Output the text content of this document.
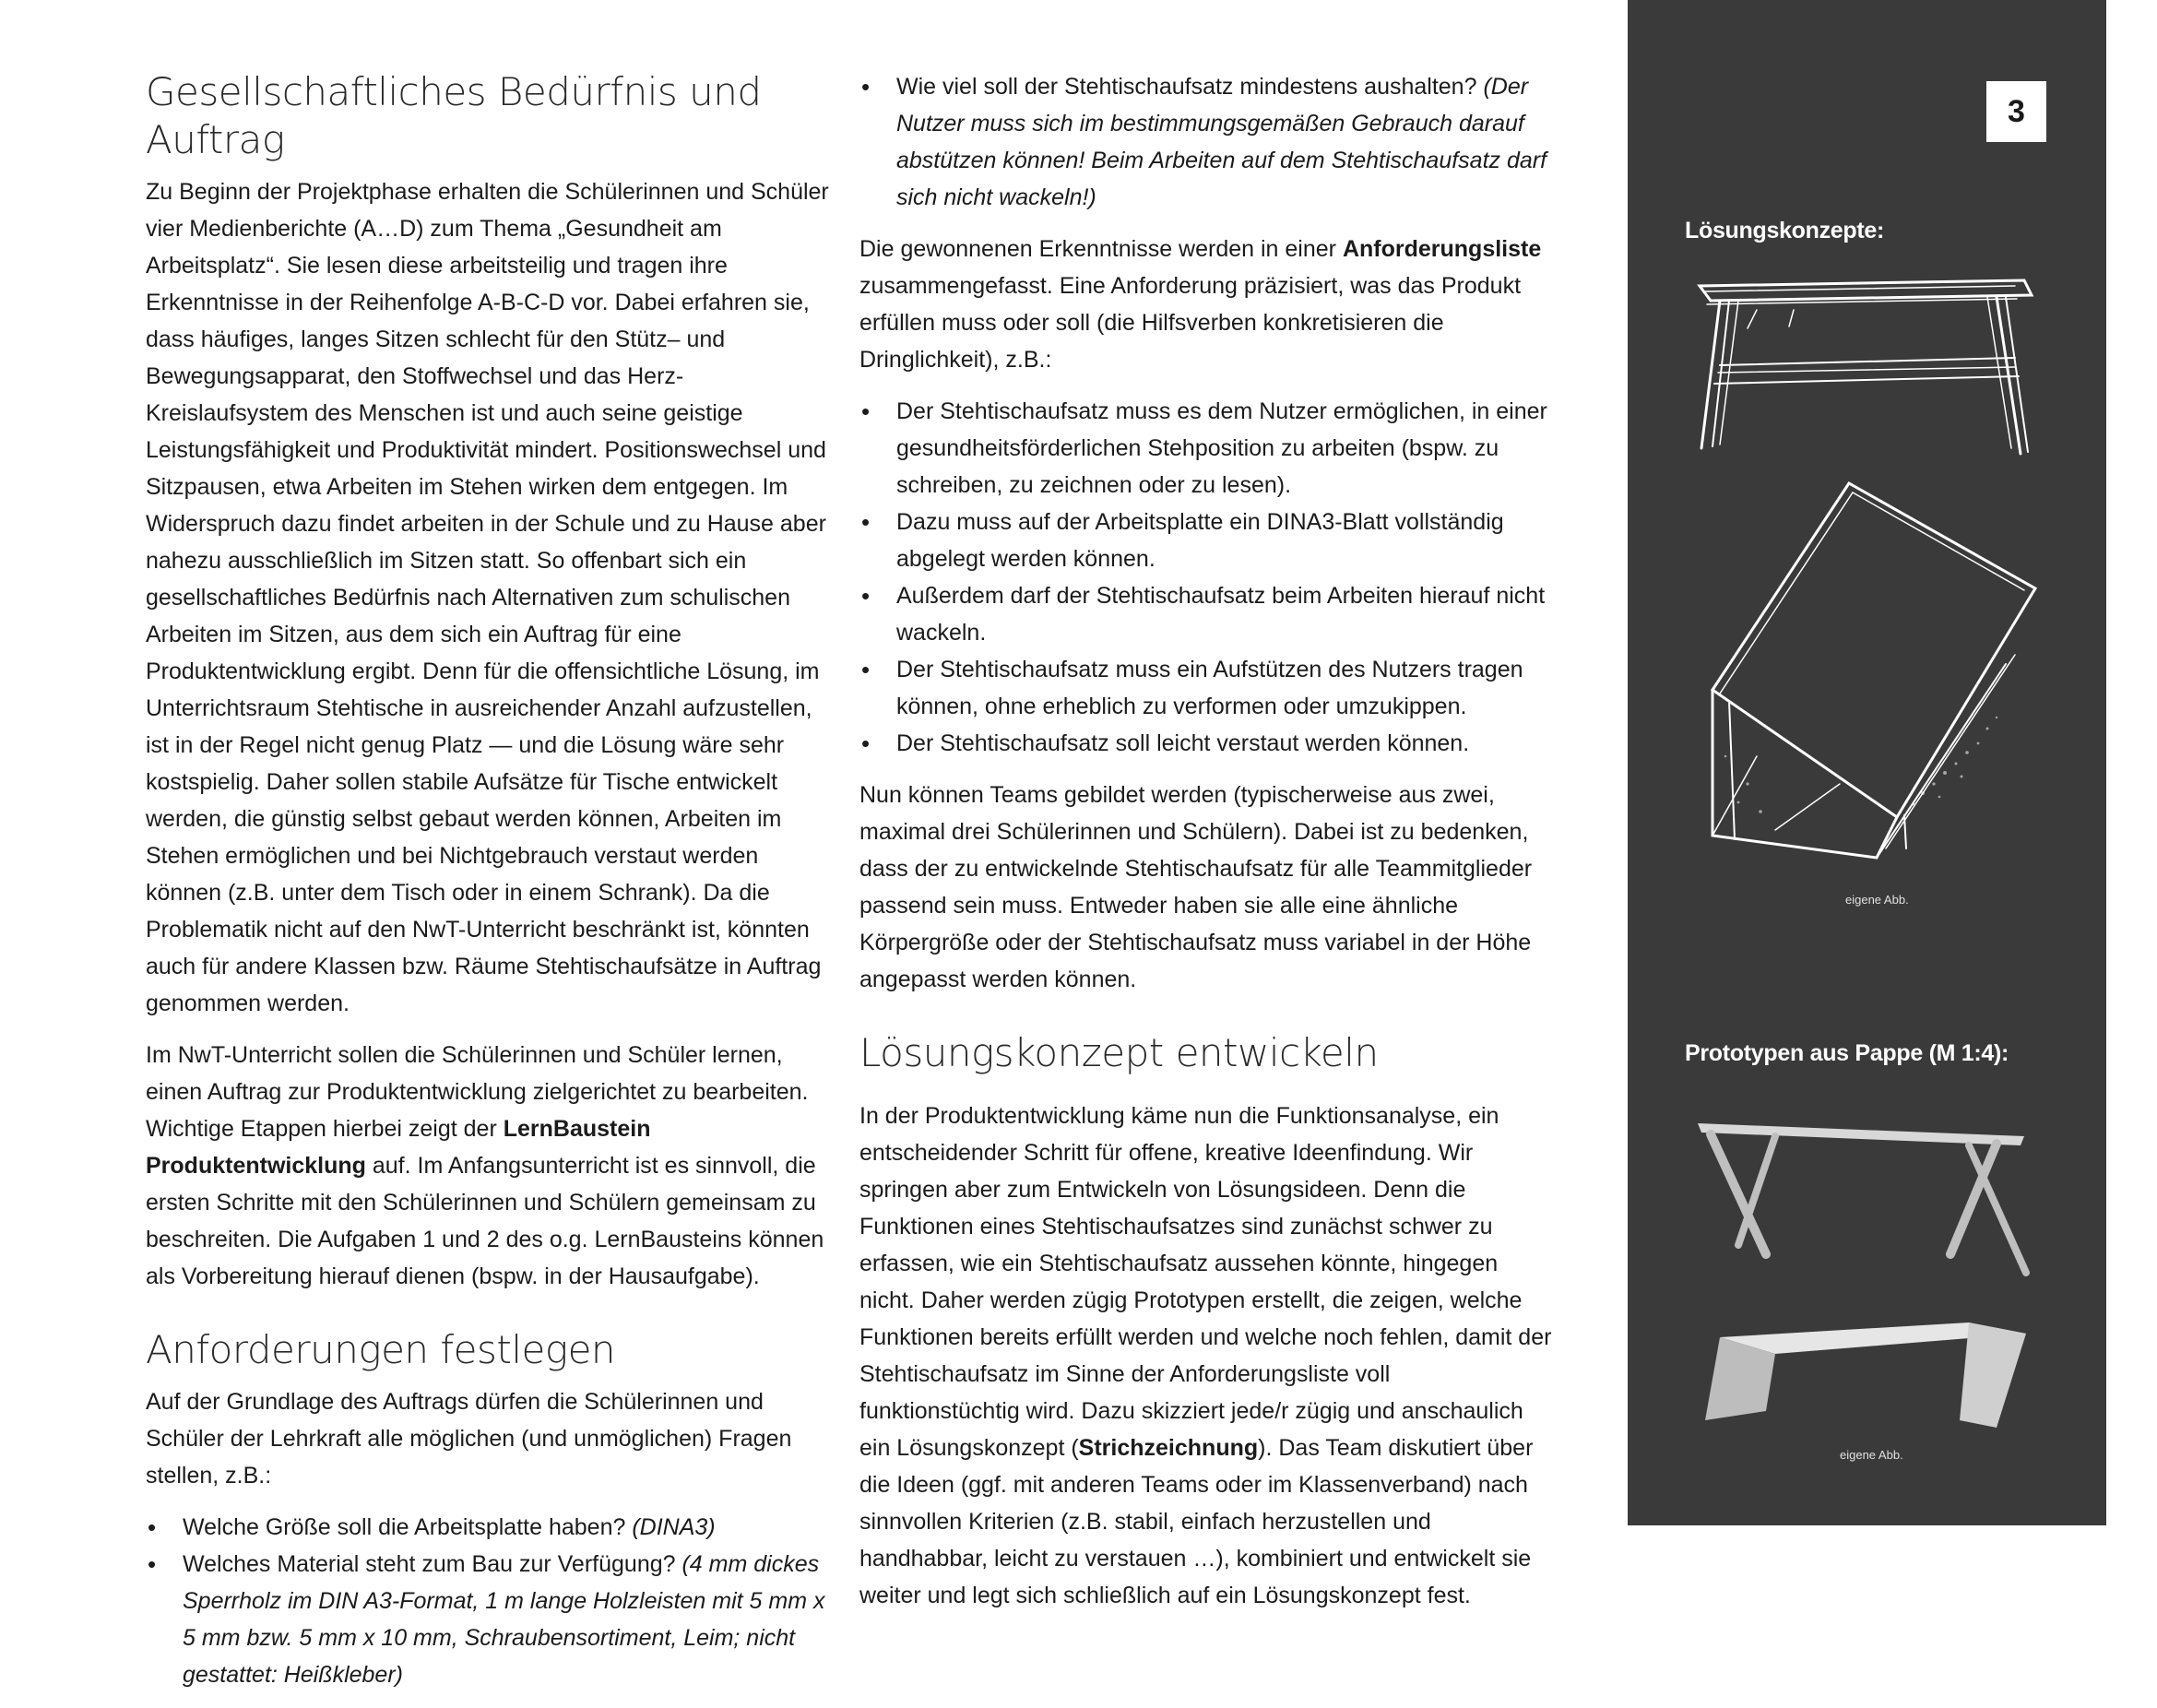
Gesellschaftliches Bedürfnis und Auftrag

Zu Beginn der Projektphase erhalten die Schülerinnen und Schüler vier Medienberichte (A…D) zum Thema „Gesundheit am Arbeitsplatz“. Sie lesen diese arbeitsteilig und tragen ihre Erkenntnisse in der Reihenfolge A-B-C-D vor. Dabei erfahren sie, dass häufiges, langes Sitzen schlecht für den Stütz– und Bewegungsapparat, den Stoffwechsel und das Herz-Kreislaufsystem des Menschen ist und auch seine geistige Leistungsfähigkeit und Produktivität mindert. Positionswechsel und Sitzpausen, etwa Arbeiten im Stehen wirken dem entgegen. Im Widerspruch dazu findet arbeiten in der Schule und zu Hause aber nahezu ausschließlich im Sitzen statt. So offenbart sich ein gesellschaftliches Bedürfnis nach Alternativen zum schulischen Arbeiten im Sitzen, aus dem sich ein Auftrag für eine Produktentwicklung ergibt. Denn für die offensichtliche Lösung, im Unterrichtsraum Stehtische in ausreichender Anzahl aufzustellen, ist in der Regel nicht genug Platz — und die Lösung wäre sehr kostspielig. Daher sollen stabile Aufsätze für Tische entwickelt werden, die günstig selbst gebaut werden können, Arbeiten im Stehen ermöglichen und bei Nichtgebrauch verstaut werden können (z.B. unter dem Tisch oder in einem Schrank). Da die Problematik nicht auf den NwT-Unterricht beschränkt ist, könnten auch für andere Klassen bzw. Räume Stehtischaufsätze in Auftrag genommen werden.

Im NwT-Unterricht sollen die Schülerinnen und Schüler lernen, einen Auftrag zur Produktentwicklung zielgerichtet zu bearbeiten. Wichtige Etappen hierbei zeigt der LernBaustein Produktentwicklung auf. Im Anfangsunterricht ist es sinnvoll, die ersten Schritte mit den Schülerinnen und Schülern gemeinsam zu beschreiten. Die Aufgaben 1 und 2 des o.g. LernBausteins können als Vorbereitung hierauf dienen (bspw. in der Hausaufgabe).

Anforderungen festlegen

Auf der Grundlage des Auftrags dürfen die Schülerinnen und Schüler der Lehrkraft alle möglichen (und unmöglichen) Fragen stellen, z.B.:

• Welche Größe soll die Arbeitsplatte haben? (DINA3)
• Welches Material steht zum Bau zur Verfügung? (4 mm dickes Sperrholz im DIN A3-Format, 1 m lange Holzleisten mit 5 mm x 5 mm bzw. 5 mm x 10 mm, Schraubensortiment, Leim; nicht gestattet: Heißkleber)
• Wie viel soll der Stehtischaufsatz mindestens aushalten? (Der Nutzer muss sich im bestimmungsgemäßen Gebrauch darauf abstützen können! Beim Arbeiten auf dem Stehtischaufsatz darf sich nicht wackeln!)

Die gewonnenen Erkenntnisse werden in einer Anforderungsliste zusammengefasst. Eine Anforderung präzisiert, was das Produkt erfüllen muss oder soll (die Hilfsverben konkretisieren die Dringlichkeit), z.B.:

• Der Stehtischaufsatz muss es dem Nutzer ermöglichen, in einer gesundheitsförderlichen Stehposition zu arbeiten (bspw. zu schreiben, zu zeichnen oder zu lesen).
• Dazu muss auf der Arbeitsplatte ein DINA3-Blatt vollständig abgelegt werden können.
• Außerdem darf der Stehtischaufsatz beim Arbeiten hierauf nicht wackeln.
• Der Stehtischaufsatz muss ein Aufstützen des Nutzers tragen können, ohne erheblich zu verformen oder umzukippen.
• Der Stehtischaufsatz soll leicht verstaut werden können.

Nun können Teams gebildet werden (typischerweise aus zwei, maximal drei Schülerinnen und Schülern). Dabei ist zu bedenken, dass der zu entwickelnde Stehtischaufsatz für alle Teammitglieder passend sein muss. Entweder haben sie alle eine ähnliche Körpergröße oder der Stehtischaufsatz muss variabel in der Höhe angepasst werden können.

Lösungskonzept entwickeln

In der Produktentwicklung käme nun die Funktionsanalyse, ein entscheidender Schritt für offene, kreative Ideenfindung. Wir springen aber zum Entwickeln von Lösungsideen. Denn die Funktionen eines Stehtischaufsatzes sind zunächst schwer zu erfassen, wie ein Stehtischaufsatz aussehen könnte, hingegen nicht. Daher werden zügig Prototypen erstellt, die zeigen, welche Funktionen bereits erfüllt werden und welche noch fehlen, damit der Stehtischaufsatz im Sinne der Anforderungsliste voll funktionstüchtig wird. Dazu skizziert jede/r zügig und anschaulich ein Lösungskonzept (Strichzeichnung). Das Team diskutiert über die Ideen (ggf. mit anderen Teams oder im Klassenverband) nach sinnvollen Kriterien (z.B. stabil, einfach herzustellen und handhabbar, leicht zu verstauen …), kombiniert und entwickelt sie weiter und legt sich schließlich auf ein Lösungskonzept fest.

3
Lösungskonzepte:
eigene Abb.
Prototypen aus Pappe (M 1:4):
eigene Abb.
